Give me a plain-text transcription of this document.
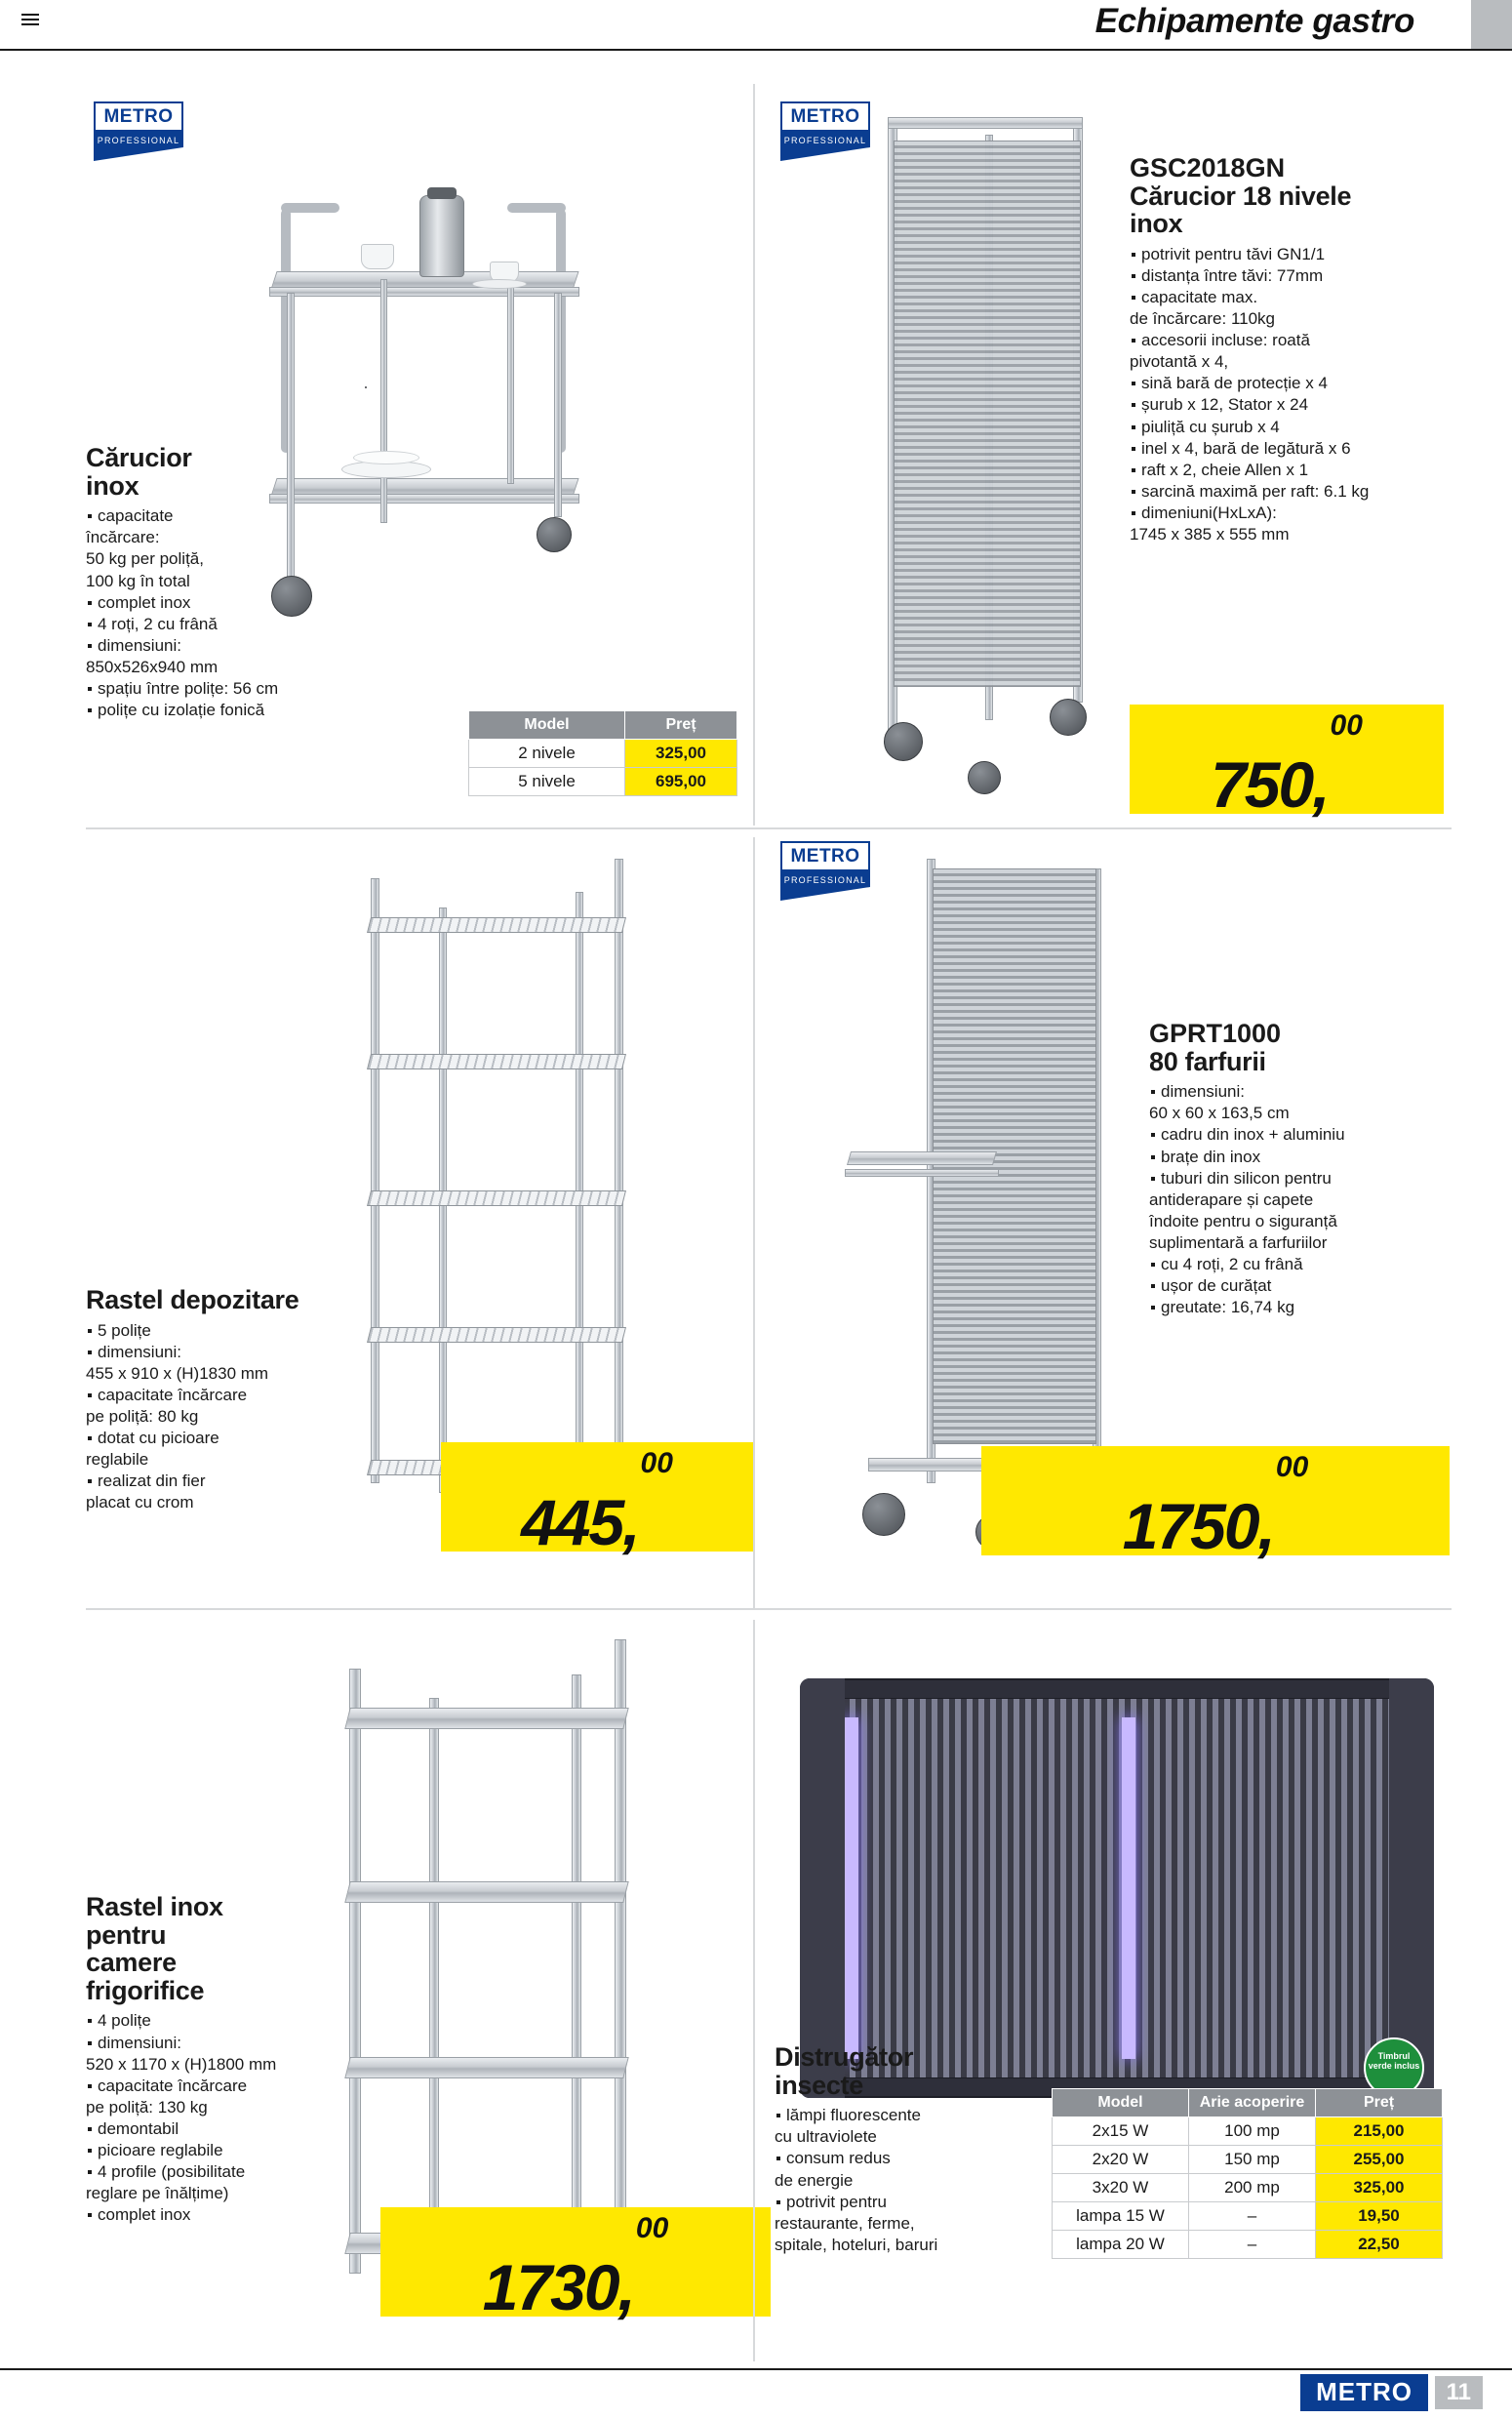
Echipamente gastro
METRO
PROFESSIONAL
Cărucior
inox
capacitate
încărcare:
50 kg per poliță,
100 kg în total
complet inox
4 roți, 2 cu frână
dimensiuni:
850x526x940 mm
spațiu între polițe: 56 cm
polițe cu izolație fonică
Model	Preț
2 nivele	325,00
5 nivele	695,00
METRO
PROFESSIONAL
GSC2018GN
Cărucior 18 nivele
inox
potrivit pentru tăvi GN1/1
distanța între tăvi: 77mm
capacitate max.
de încărcare: 110kg
accesorii incluse: roată
pivotantă x 4,
sină bară de protecție x 4
șurub x 12, Stator x 24
piuliță cu șurub x 4
inel x 4, bară de legătură x 6
raft x 2, cheie Allen x 1
sarcină maximă per raft: 6.1 kg
dimeniuni(HxLxA):
1745 x 385 x 555 mm
750 ,
00
Rastel depozitare
5 polițe
dimensiuni:
455 x 910 x (H)1830 mm
capacitate încărcare
pe poliță: 80 kg
dotat cu picioare
reglabile
realizat din fier
placat cu crom	445 ,
00
METRO
PROFESSIONAL
GPRT1000
80 farfurii
dimensiuni:
60 x 60 x 163,5 cm
cadru din inox + aluminiu
brațe din inox
tuburi din silicon pentru
antiderapare și capete
îndoite pentru o siguranță
suplimentară a farfuriilor
cu 4 roți, 2 cu frână
ușor de curățat
greutate: 16,74 kg
1750 ,
00
Rastel inox
pentru
camere
frigorifice
4 polițe
dimensiuni:
520 x 1170 x (H)1800 mm
capacitate încărcare
pe poliță: 130 kg
demontabil
picioare reglabile
4 profile (posibilitate
reglare pe înălțime)
complet inox
1730 ,
00
Distrugător
insecte
lămpi fluorescente
cu ultraviolete
consum redus
de energie
potrivit pentru
restaurante, ferme,
spitale, hoteluri, baruri
Timbrul verde inclus
Model	Arie acoperire	Preț
2x15 W	100 mp	215,00
2x20 W	150 mp	255,00
3x20 W	200 mp	325,00
lampa 15 W	–	19,50
lampa 20 W	–	22,50
METRO	11
